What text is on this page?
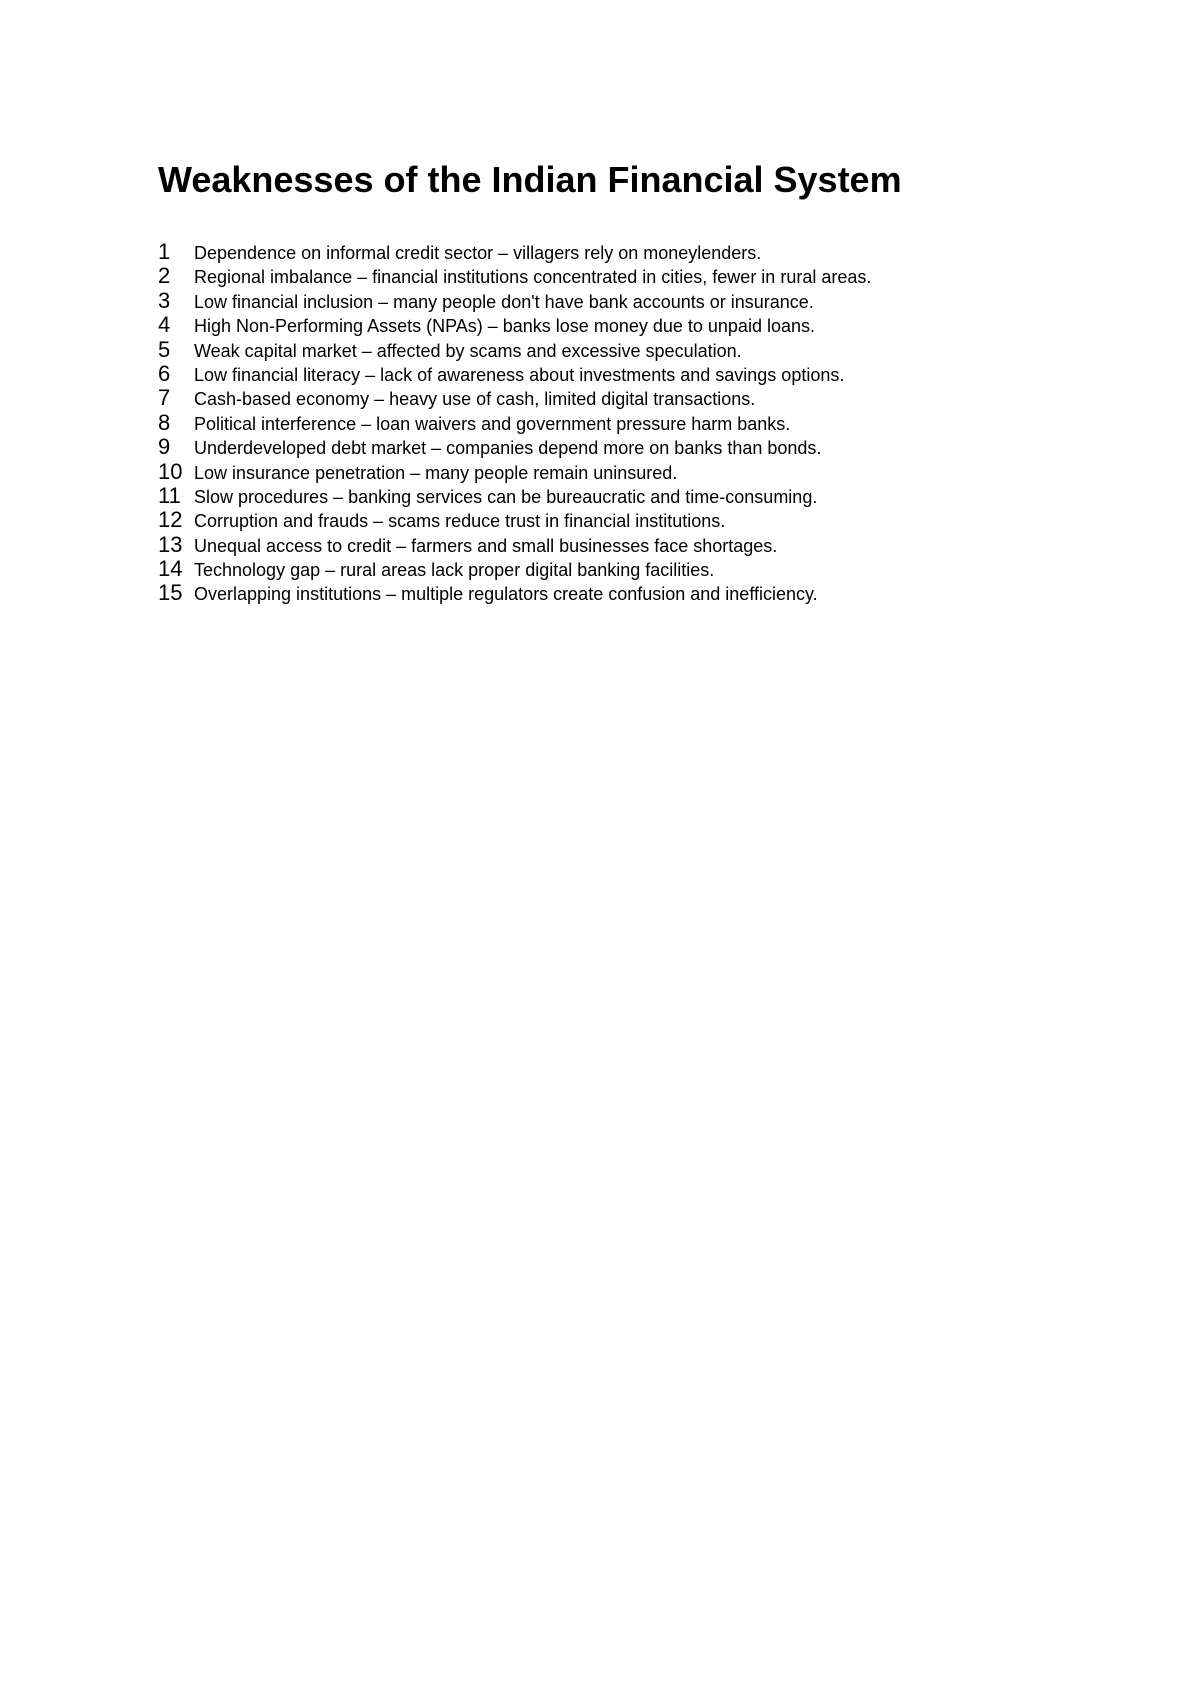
Weaknesses of the Indian Financial System
1	Dependence on informal credit sector – villagers rely on moneylenders.
2	Regional imbalance – financial institutions concentrated in cities, fewer in rural areas.
3	Low financial inclusion – many people don't have bank accounts or insurance.
4	High Non-Performing Assets (NPAs) – banks lose money due to unpaid loans.
5	Weak capital market – affected by scams and excessive speculation.
6	Low financial literacy – lack of awareness about investments and savings options.
7	Cash-based economy – heavy use of cash, limited digital transactions.
8	Political interference – loan waivers and government pressure harm banks.
9	Underdeveloped debt market – companies depend more on banks than bonds.
10 Low insurance penetration – many people remain uninsured.
11 Slow procedures – banking services can be bureaucratic and time-consuming.
12 Corruption and frauds – scams reduce trust in financial institutions.
13 Unequal access to credit – farmers and small businesses face shortages.
14 Technology gap – rural areas lack proper digital banking facilities.
15 Overlapping institutions – multiple regulators create confusion and inefficiency.
